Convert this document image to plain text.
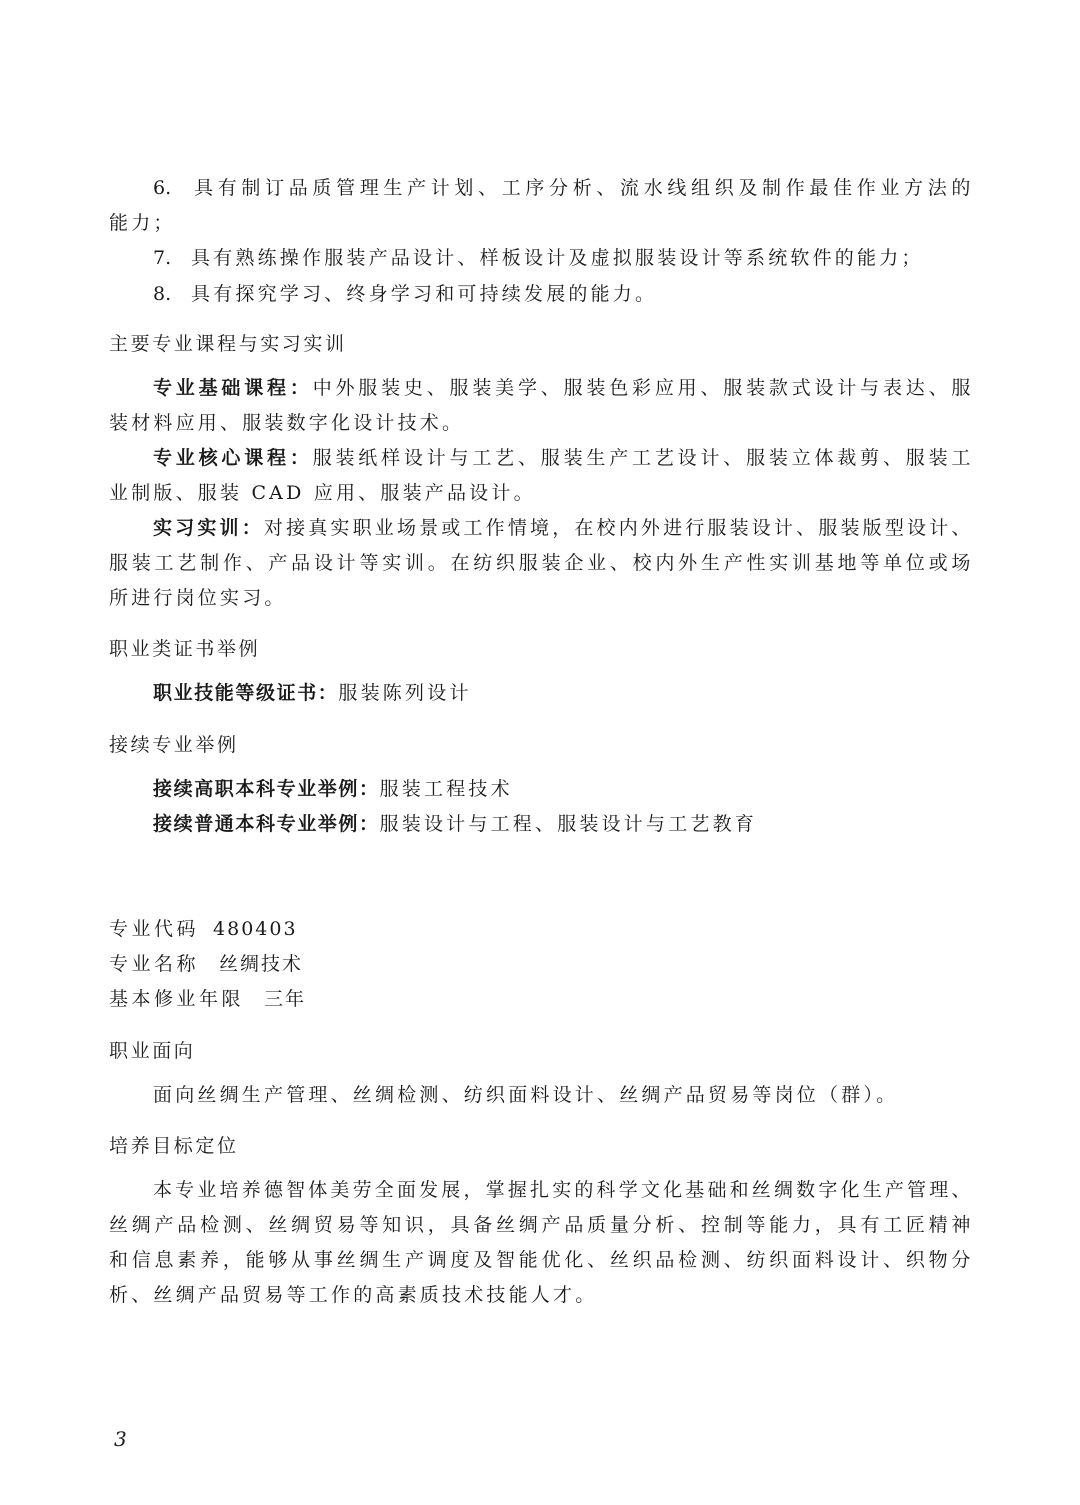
6. 具有制订品质管理生产计划、工序分析、流水线组织及制作最佳作业方法的
能力；
7. 具有熟练操作服装产品设计、样板设计及虚拟服装设计等系统软件的能力；
8. 具有探究学习、终身学习和可持续发展的能力。
主要专业课程与实习实训
专业基础课程：中外服装史、服装美学、服装色彩应用、服装款式设计与表达、服
装材料应用、服装数字化设计技术。
专业核心课程：服装纸样设计与工艺、服装生产工艺设计、服装立体裁剪、服装工
业制版、服装 CAD 应用、服装产品设计。
实习实训：对接真实职业场景或工作情境，在校内外进行服装设计、服装版型设计、
服装工艺制作、产品设计等实训。在纺织服装企业、校内外生产性实训基地等单位或场
所进行岗位实习。
职业类证书举例
职业技能等级证书：服装陈列设计
接续专业举例
接续高职本科专业举例：服装工程技术
接续普通本科专业举例：服装设计与工程、服装设计与工艺教育
专业代码 480403
专业名称 丝绸技术
基本修业年限 三年
职业面向
面向丝绸生产管理、丝绸检测、纺织面料设计、丝绸产品贸易等岗位（群）。
培养目标定位
本专业培养德智体美劳全面发展，掌握扎实的科学文化基础和丝绸数字化生产管理、
丝绸产品检测、丝绸贸易等知识，具备丝绸产品质量分析、控制等能力，具有工匠精神
和信息素养，能够从事丝绸生产调度及智能优化、丝织品检测、纺织面料设计、织物分
析、丝绸产品贸易等工作的高素质技术技能人才。
3
